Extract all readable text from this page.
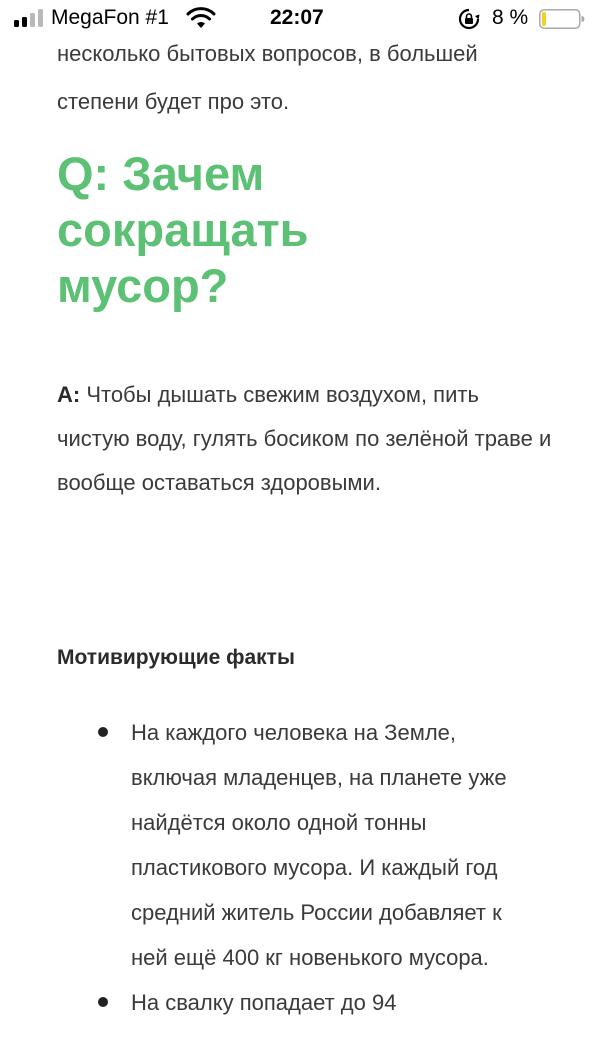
MegaFon #1	22:07	8 %

несколько бытовых вопросов, в большей степени будет про это.

Q: Зачем сокращать мусор?

A: Чтобы дышать свежим воздухом, пить чистую воду, гулять босиком по зелёной траве и вообще оставаться здоровыми.

Мотивирующие факты
На каждого человека на Земле, включая младенцев, на планете уже найдётся около одной тонны пластикового мусора. И каждый год средний житель России добавляет к ней ещё 400 кг новенького мусора.
На свалку попадает до 94
